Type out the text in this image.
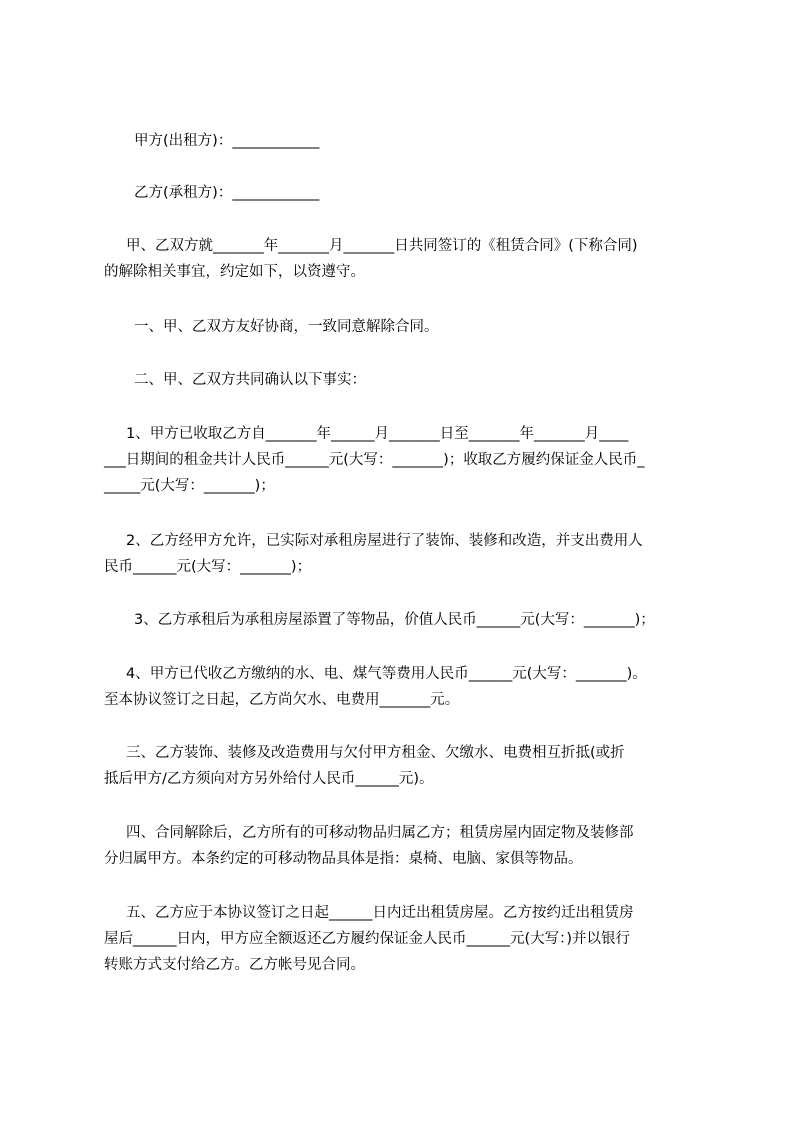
甲方(出租方)：____________
乙方(承租方)：____________
甲、乙双方就_______年_______月_______日共同签订的《租赁合同》(下称合同)
的解除相关事宜，约定如下，以资遵守。
一、甲、乙双方友好协商，一致同意解除合同。
二、甲、乙双方共同确认以下事实：
1、甲方已收取乙方自_______年______月_______日至_______年_______月____
___日期间的租金共计人民币______元(大写：_______)；收取乙方履约保证金人民币_
_____元(大写：_______)；
2、乙方经甲方允许，已实际对承租房屋进行了装饰、装修和改造，并支出费用人
民币______元(大写：_______)；
3、乙方承租后为承租房屋添置了等物品，价值人民币______元(大写：_______)；
4、甲方已代收乙方缴纳的水、电、煤气等费用人民币______元(大写：_______)。
至本协议签订之日起，乙方尚欠水、电费用_______元。
三、乙方装饰、装修及改造费用与欠付甲方租金、欠缴水、电费相互折抵(或折
抵后甲方/乙方须向对方另外给付人民币______元)。
四、合同解除后，乙方所有的可移动物品归属乙方；租赁房屋内固定物及装修部
分归属甲方。本条约定的可移动物品具体是指：桌椅、电脑、家俱等物品。
五、乙方应于本协议签订之日起______日内迁出租赁房屋。乙方按约迁出租赁房
屋后______日内，甲方应全额返还乙方履约保证金人民币______元(大写：)并以银行
转账方式支付给乙方。乙方帐号见合同。
